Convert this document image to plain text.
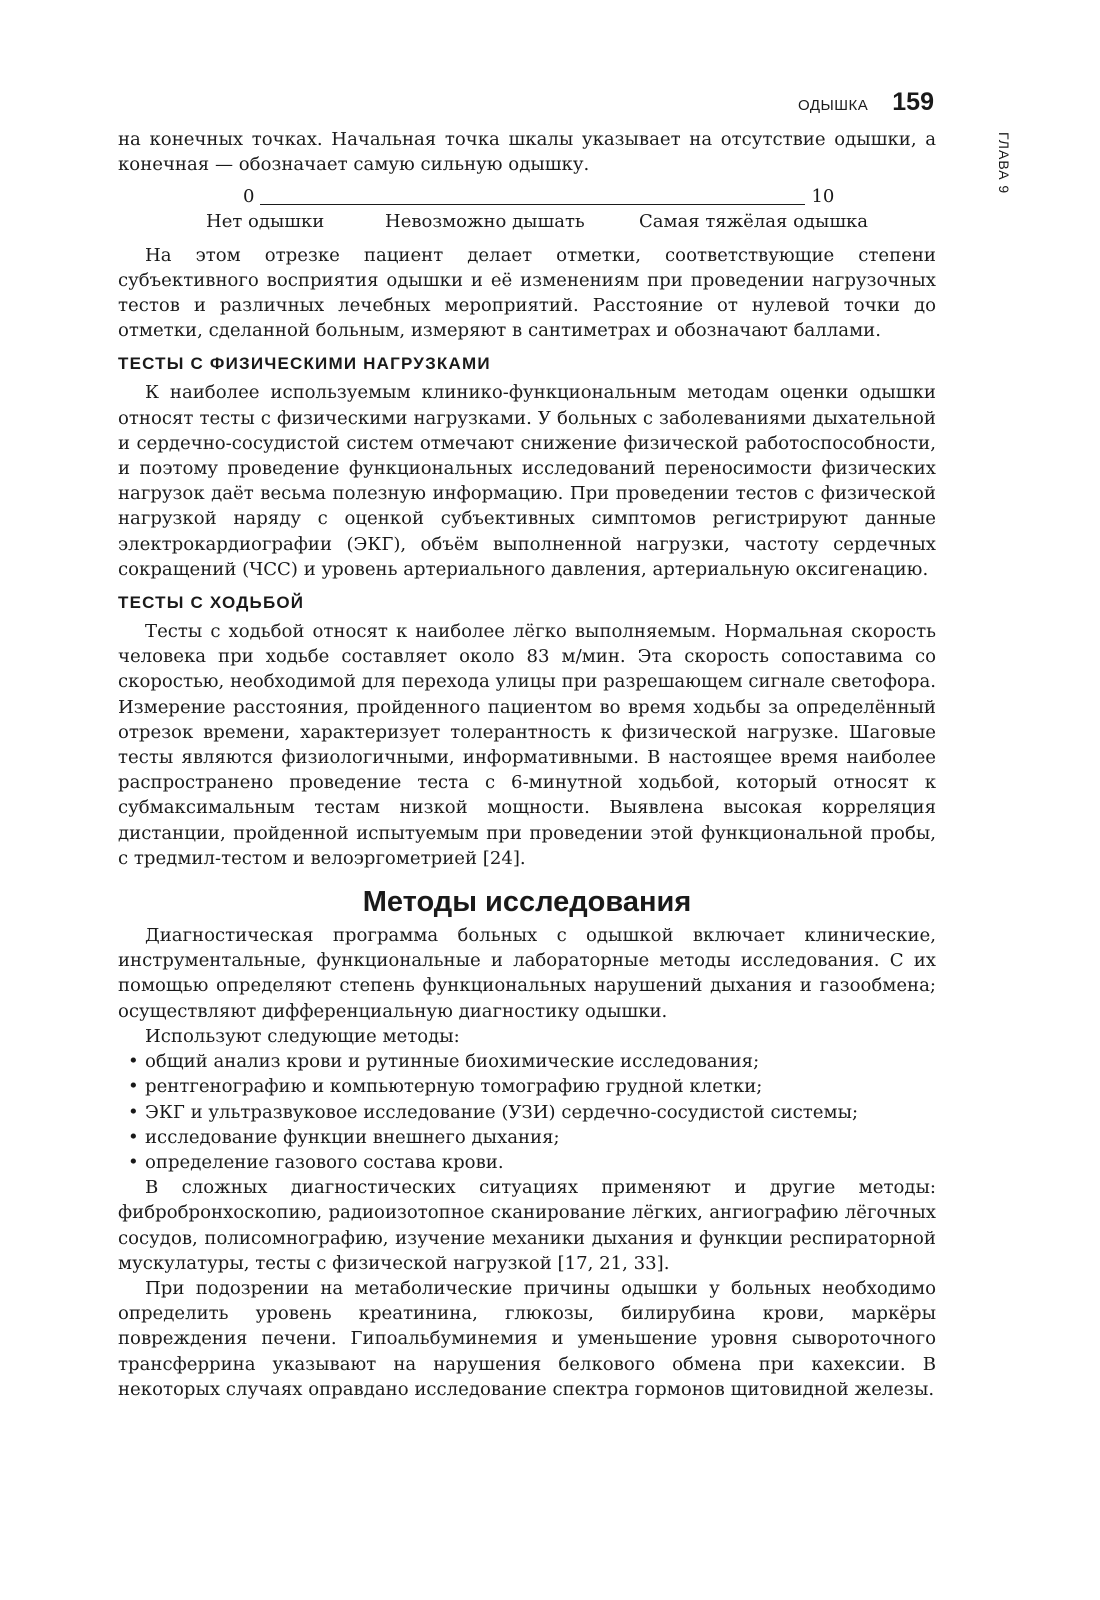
ОДЫШКА 159
ГЛАВА 9

на конечных точках. Начальная точка шкалы указывает на отсутствие одышки, а конечная — обозначает самую сильную одышку.

0	10
Нет одышки	Невозможно дышать	Самая тяжёлая одышка

На этом отрезке пациент делает отметки, соответствующие степени субъективного восприятия одышки и её изменениям при проведении нагрузочных тестов и различных лечебных мероприятий. Расстояние от нулевой точки до отметки, сделанной больным, измеряют в сантиметрах и обозначают баллами.

ТЕСТЫ С ФИЗИЧЕСКИМИ НАГРУЗКАМИ

К наиболее используемым клинико-функциональным методам оценки одышки относят тесты с физическими нагрузками. У больных с заболеваниями дыхательной и сердечно-сосудистой систем отмечают снижение физической работоспособности, и поэтому проведение функциональных исследований переносимости физических нагрузок даёт весьма полезную информацию. При проведении тестов с физической нагрузкой наряду с оценкой субъективных симптомов регистрируют данные электрокардиографии (ЭКГ), объём выполненной нагрузки, частоту сердечных сокращений (ЧСС) и уровень артериального давления, артериальную оксигенацию.

ТЕСТЫ С ХОДЬБОЙ

Тесты с ходьбой относят к наиболее лёгко выполняемым. Нормальная скорость человека при ходьбе составляет около 83 м/мин. Эта скорость сопоставима со скоростью, необходимой для перехода улицы при разрешающем сигнале светофора. Измерение расстояния, пройденного пациентом во время ходьбы за определённый отрезок времени, характеризует толерантность к физической нагрузке. Шаговые тесты являются физиологичными, информативными. В настоящее время наиболее распространено проведение теста с 6-минутной ходьбой, который относят к субмаксимальным тестам низкой мощности. Выявлена высокая корреляция дистанции, пройденной испытуемым при проведении этой функциональной пробы, с тредмил-тестом и велоэргометрией [24].

Методы исследования

Диагностическая программа больных с одышкой включает клинические, инструментальные, функциональные и лабораторные методы исследования. С их помощью определяют степень функциональных нарушений дыхания и газообмена; осуществляют дифференциальную диагностику одышки.

Используют следующие методы:

• общий анализ крови и рутинные биохимические исследования;
• рентгенографию и компьютерную томографию грудной клетки;
• ЭКГ и ультразвуковое исследование (УЗИ) сердечно-сосудистой системы;
• исследование функции внешнего дыхания;
• определение газового состава крови.

В сложных диагностических ситуациях применяют и другие методы: фибробронхоскопию, радиоизотопное сканирование лёгких, ангиографию лёгочных сосудов, полисомнографию, изучение механики дыхания и функции респираторной мускулатуры, тесты с физической нагрузкой [17, 21, 33].

При подозрении на метаболические причины одышки у больных необходимо определить уровень креатинина, глюкозы, билирубина крови, маркёры повреждения печени. Гипоальбуминемия и уменьшение уровня сывороточного трансферрина указывают на нарушения белкового обмена при кахексии. В некоторых случаях оправдано исследование спектра гормонов щитовидной железы.
